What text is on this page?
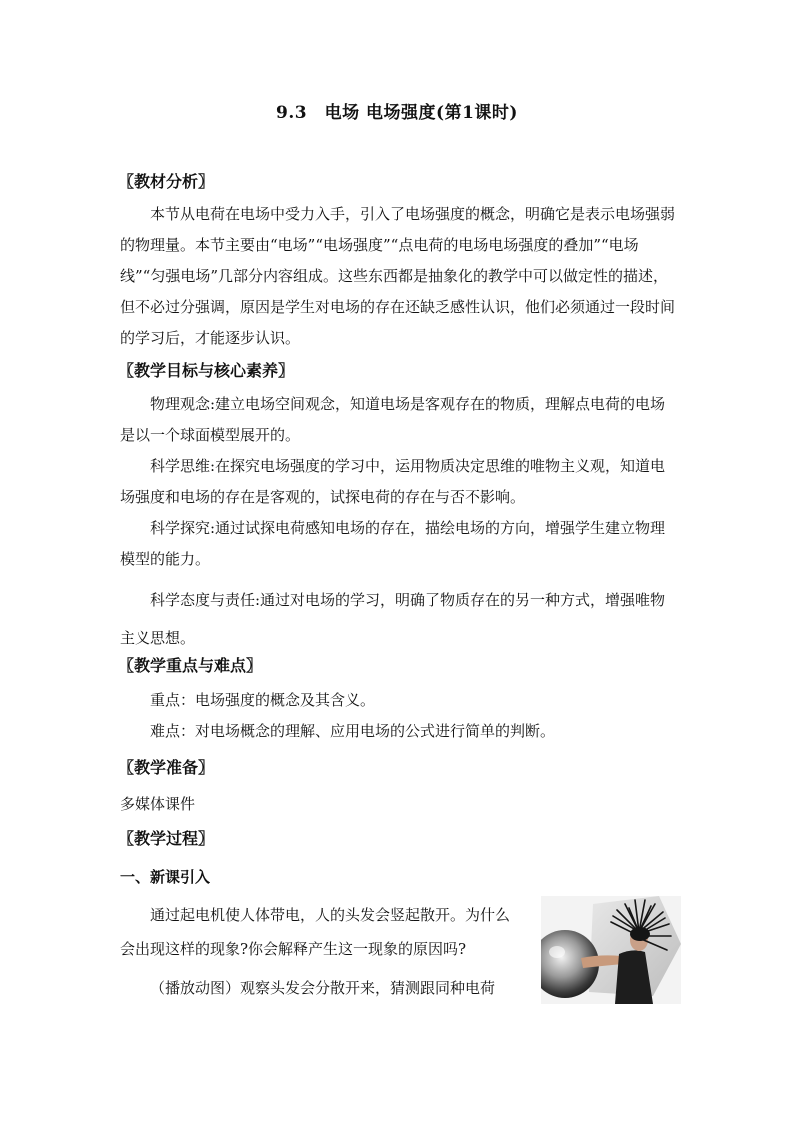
9.3　电场 电场强度(第1课时)
〖教材分析〗

本节从电荷在电场中受力入手，引入了电场强度的概念，明确它是表示电场强弱的物理量。本节主要由“电场”“电场强度”“点电荷的电场电场强度的叠加”“电场线”“匀强电场”几部分内容组成。这些东西都是抽象化的教学中可以做定性的描述，但不必过分强调，原因是学生对电场的存在还缺乏感性认识，他们必须通过一段时间的学习后，才能逐步认识。

〖教学目标与核心素养〗

物理观念:建立电场空间观念，知道电场是客观存在的物质，理解点电荷的电场是以一个球面模型展开的。

科学思维:在探究电场强度的学习中，运用物质决定思维的唯物主义观，知道电场强度和电场的存在是客观的，试探电荷的存在与否不影响。

科学探究:通过试探电荷感知电场的存在，描绘电场的方向，增强学生建立物理模型的能力。

科学态度与责任:通过对电场的学习，明确了物质存在的另一种方式，增强唯物主义思想。

〖教学重点与难点〗
重点：电场强度的概念及其含义。
难点：对电场概念的理解、应用电场的公式进行简单的判断。
〖教学准备〗
多媒体课件
〖教学过程〗
一、新课引入

通过起电机使人体带电，人的头发会竖起散开。为什么会出现这样的现象?你会解释产生这一现象的原因吗?

（播放动图）观察头发会分散开来，猜测跟同种电荷
